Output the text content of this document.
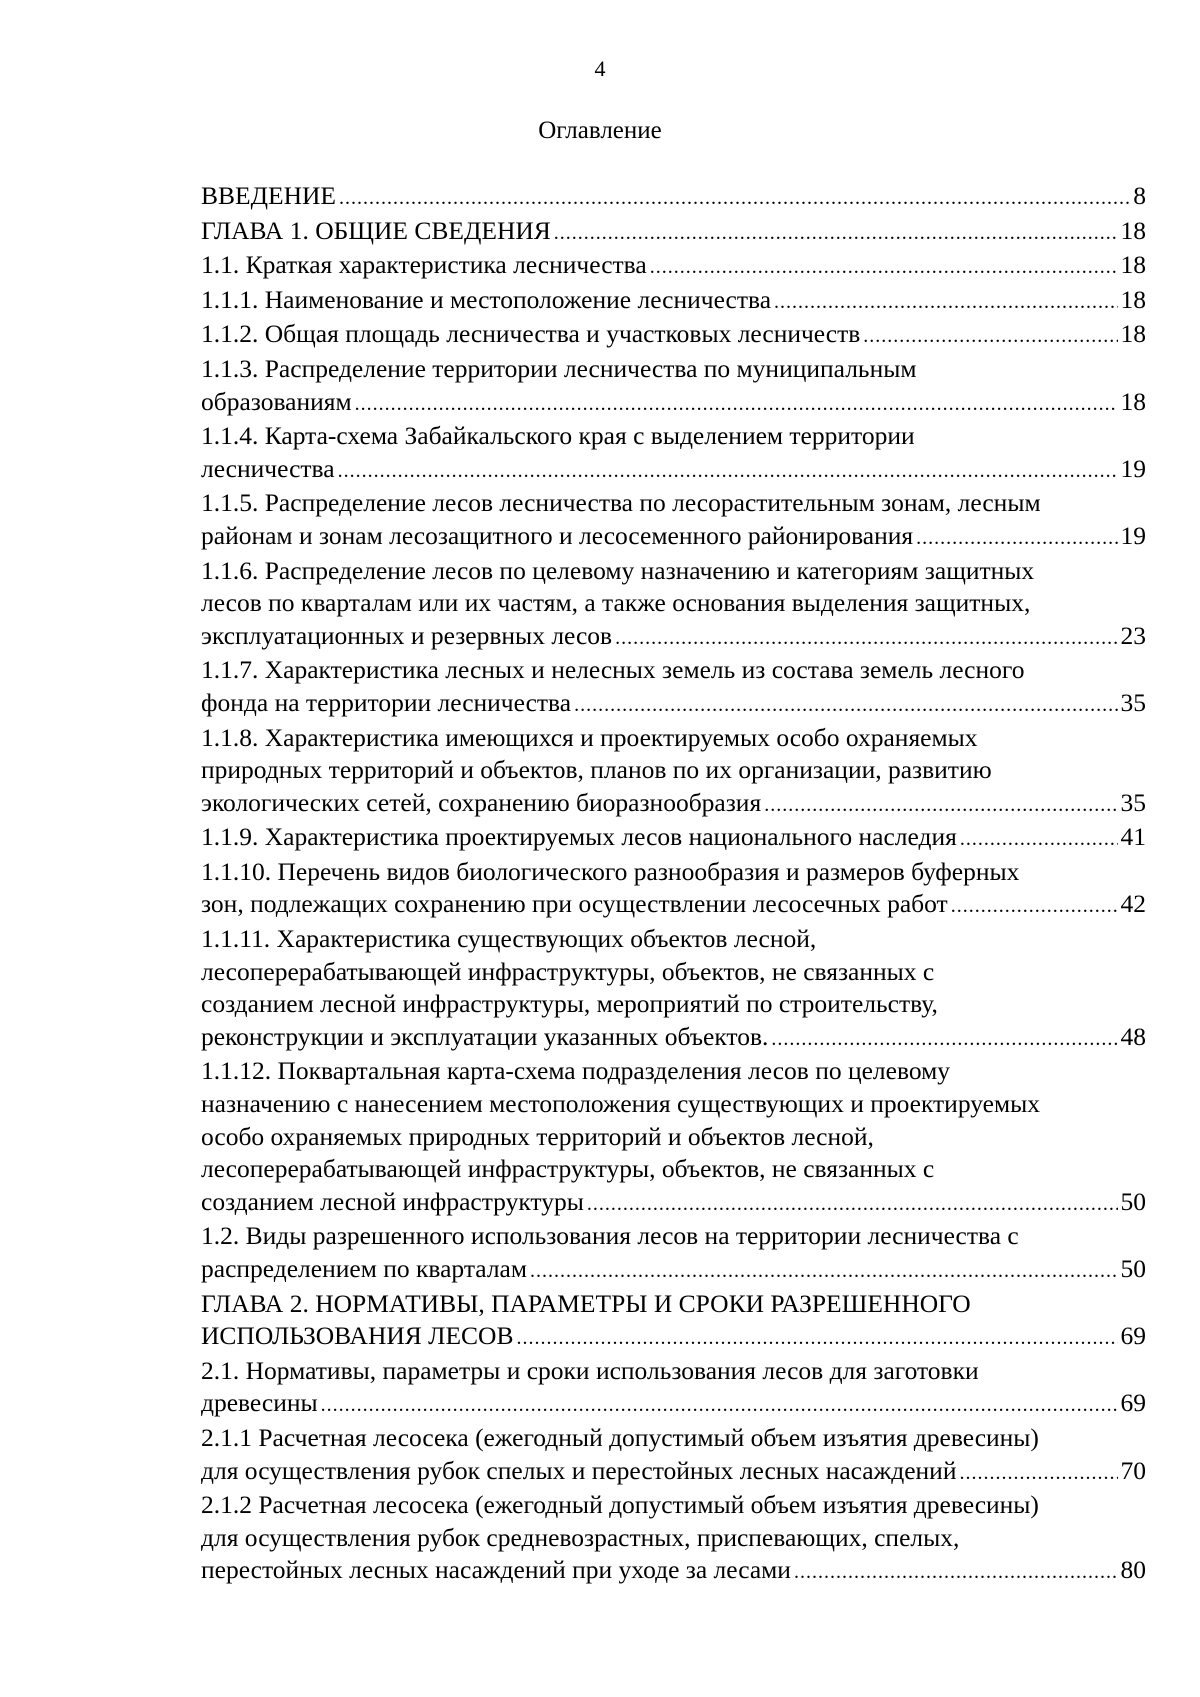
4
Оглавление
ВВЕДЕНИЕ .....	8
ГЛАВА 1. ОБЩИЕ СВЕДЕНИЯ .....	18
1.1. Краткая характеристика лесничества .....	18
1.1.1. Наименование и местоположение лесничества .....	18
1.1.2. Общая площадь лесничества и участковых лесничеств .....	18
1.1.3. Распределение территории лесничества по муниципальным
образованиям .....	18
1.1.4. Карта-схема Забайкальского края с выделением территории
лесничества .....	19
1.1.5. Распределение лесов лесничества по лесорастительным зонам, лесным
районам и зонам лесозащитного и лесосеменного районирования .....	19
1.1.6. Распределение лесов по целевому назначению и категориям защитных
лесов по кварталам или их частям, а также основания выделения защитных,
эксплуатационных и резервных лесов .....	23
1.1.7. Характеристика лесных и нелесных земель из состава земель лесного
фонда на территории лесничества .....	35
1.1.8. Характеристика имеющихся и проектируемых особо охраняемых
природных территорий и объектов, планов по их организации, развитию
экологических сетей, сохранению биоразнообразия .....	35
1.1.9. Характеристика проектируемых лесов национального наследия .....	41
1.1.10. Перечень видов биологического разнообразия и размеров буферных
зон, подлежащих сохранению при осуществлении лесосечных работ .....	42
1.1.11. Характеристика существующих объектов лесной,
лесоперерабатывающей инфраструктуры, объектов, не связанных с
созданием лесной инфраструктуры, мероприятий по строительству,
реконструкции и эксплуатации указанных объектов. .....	48
1.1.12. Поквартальная карта-схема подразделения лесов по целевому
назначению с нанесением местоположения существующих и проектируемых
особо охраняемых природных территорий и объектов лесной,
лесоперерабатывающей инфраструктуры, объектов, не связанных с
созданием лесной инфраструктуры .....	50
1.2. Виды разрешенного использования лесов на территории лесничества с
распределением по кварталам .....	50
ГЛАВА 2. НОРМАТИВЫ, ПАРАМЕТРЫ И СРОКИ РАЗРЕШЕННОГО
ИСПОЛЬЗОВАНИЯ ЛЕСОВ .....	69
2.1. Нормативы, параметры и сроки использования лесов для заготовки
древесины .....	69
2.1.1 Расчетная лесосека (ежегодный допустимый объем изъятия древесины)
для осуществления рубок спелых и перестойных лесных насаждений .....	70
2.1.2 Расчетная лесосека (ежегодный допустимый объем изъятия древесины)
для осуществления рубок средневозрастных, приспевающих, спелых,
перестойных лесных насаждений при уходе за лесами .....	80
